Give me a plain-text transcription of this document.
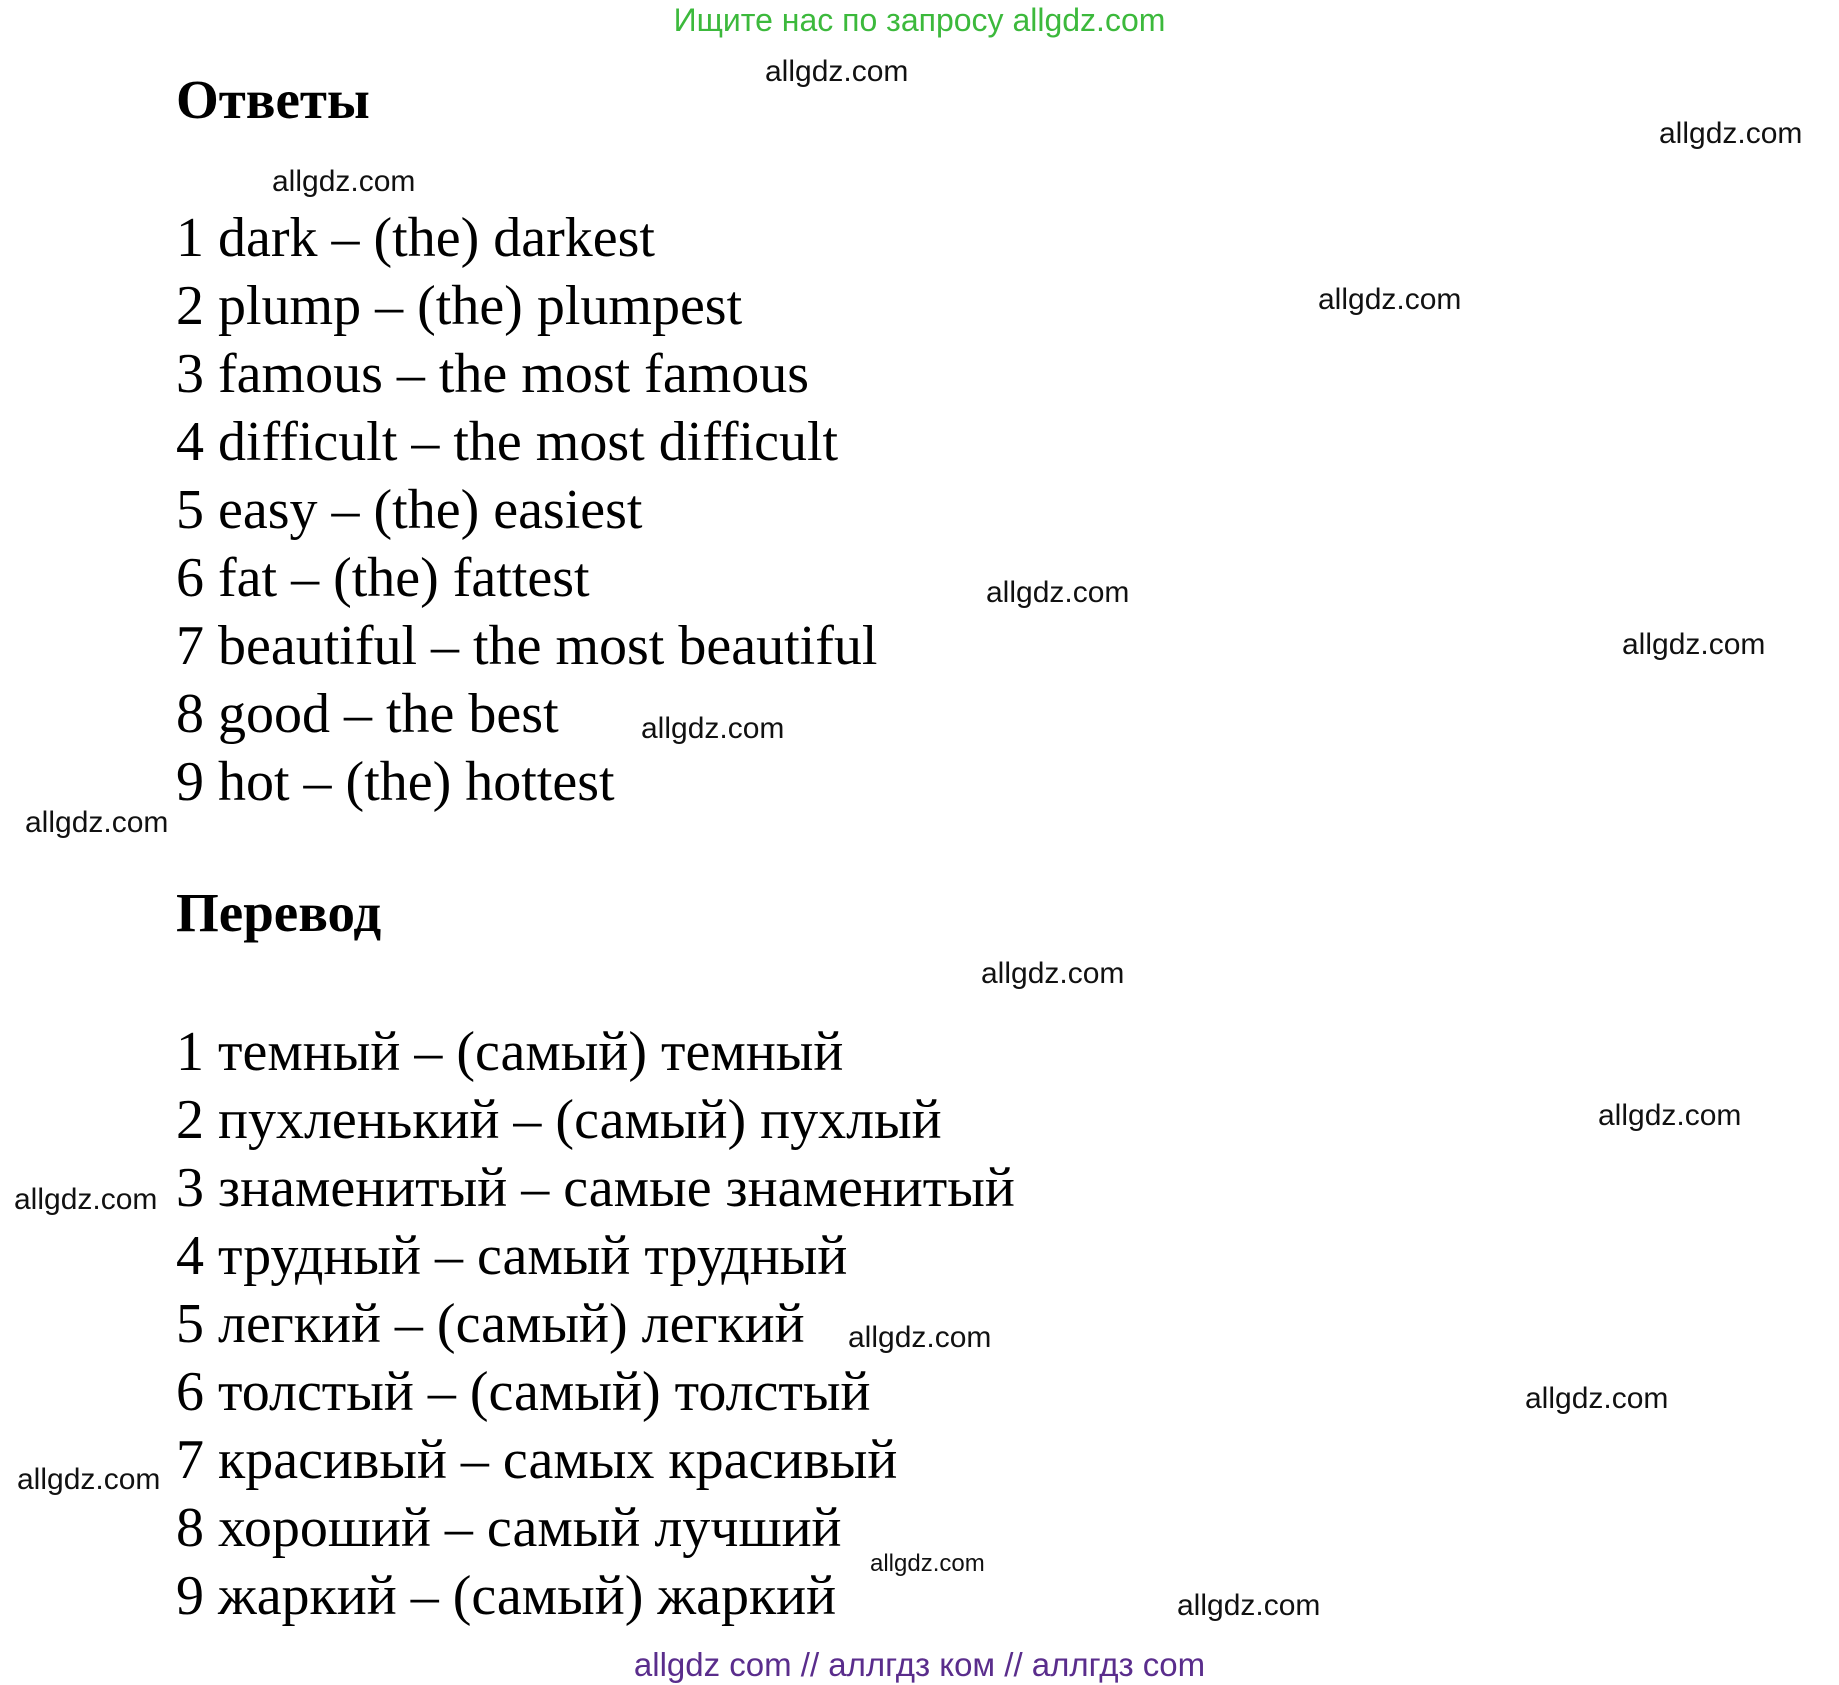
Ищите нас по запросу allgdz.com
Ответы
1 dark – (the) darkest
2 plump – (the) plumpest
3 famous – the most famous
4 difficult – the most difficult
5 easy – (the) easiest
6 fat – (the) fattest
7 beautiful – the most beautiful
8 good – the best
9 hot – (the) hottest
Перевод
1 темный – (самый) темный
2 пухленький – (самый) пухлый
3 знаменитый – самые знаменитый
4 трудный – самый трудный
5 легкий – (самый) легкий
6 толстый – (самый) толстый
7 красивый – самых красивый
8 хороший – самый лучший
9 жаркий – (самый) жаркий
allgdz.com
allgdz.com
allgdz.com
allgdz.com
allgdz.com
allgdz.com
allgdz.com
allgdz.com
allgdz.com
allgdz.com
allgdz.com
allgdz.com
allgdz.com
allgdz.com
allgdz.com
allgdz.com
allgdz com // аллгдз ком // аллгдз com
